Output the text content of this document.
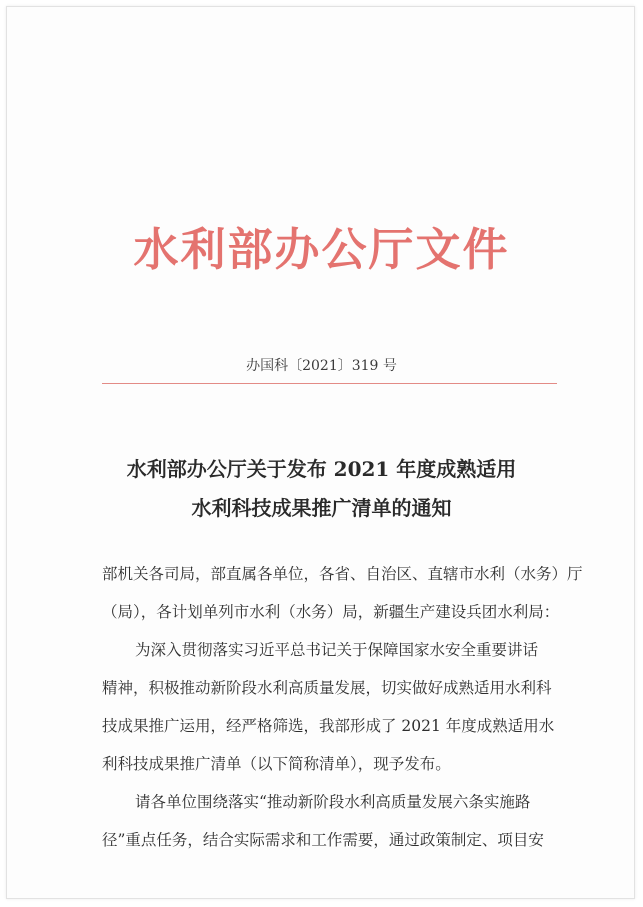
水利部办公厅文件
办国科〔2021〕319 号
水利部办公厅关于发布 2021 年度成熟适用
水利科技成果推广清单的通知
部机关各司局，部直属各单位，各省、自治区、直辖市水利（水务）厅
（局），各计划单列市水利（水务）局，新疆生产建设兵团水利局：
为深入贯彻落实习近平总书记关于保障国家水安全重要讲话
精神，积极推动新阶段水利高质量发展，切实做好成熟适用水利科
技成果推广运用，经严格筛选，我部形成了 2021 年度成熟适用水
利科技成果推广清单（以下简称清单），现予发布。
请各单位围绕落实“推动新阶段水利高质量发展六条实施路
径”重点任务，结合实际需求和工作需要，通过政策制定、项目安
